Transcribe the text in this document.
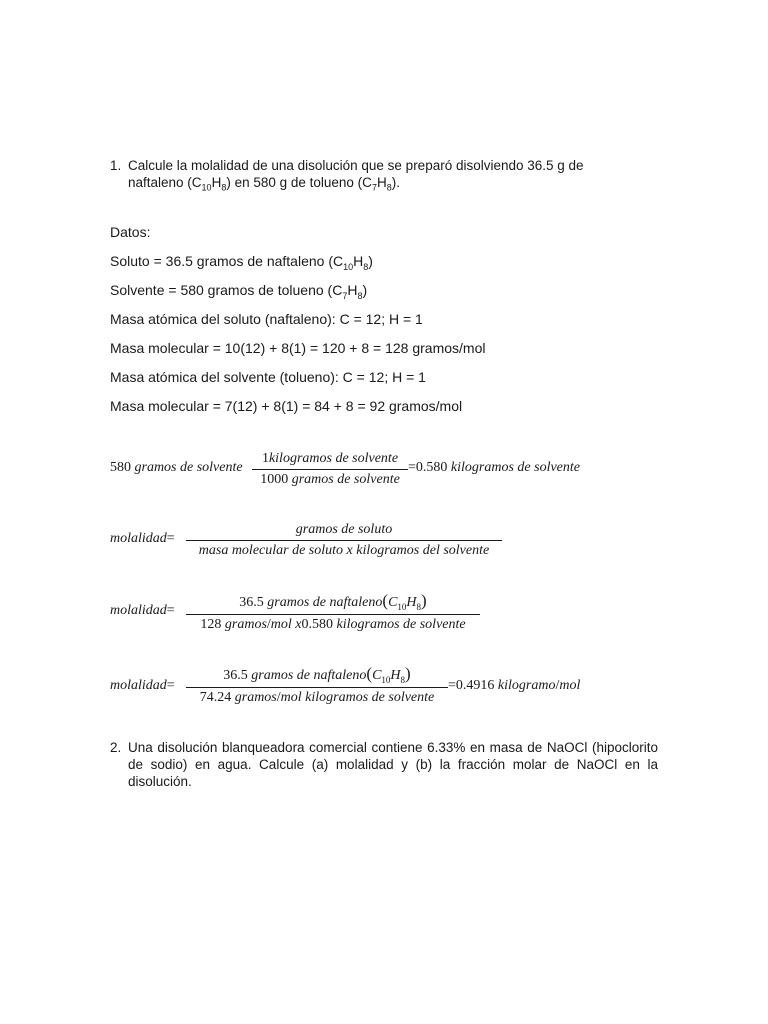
1. Calcule la molalidad de una disolución que se preparó disolviendo 36.5 g de
naftaleno $(C_{10}H_8)$ en 580 g de tolueno $(C_7H_8)$.
Datos:
Soluto = 36.5 gramos de naftaleno $(C_{10}H_8)$
Solvente = 580 gramos de tolueno $(C_7H_8)$
Masa atómica del soluto (naftaleno): C = 12; H = 1
Masa molecular = 10(12) + 8(1) = 120 + 8 = 128 gramos/mol
Masa atómica del solvente (tolueno): C = 12; H = 1
Masa molecular = 7(12) + 8(1) = 84 + 8 = 92 gramos/mol
580 gramos de solvente
1kilogramos de solvente
1000 gramos de solvente
=0.580 kilogramos de solvente
molalidad=
gramos de soluto
masa molecular de soluto x kilogramos del solvente
molalidad=
36.5 gramos de $naftaleno(C_{10}H_8)$
128 gramos/mol x0.580 kilogramos de solvente
molalidad=
36.5 gramos de $naftaleno(C_{10}H_8)$
74.24 gramos/mol kilogramos de solvente
=0.4916 kilogramo/mol
2. Una disolución blanqueadora comercial contiene 6.33% en masa de NaOCl (hipoclorito de sodio) en agua. Calcule (a) molalidad y (b) la fracción molar de NaOCl en la disolución.
